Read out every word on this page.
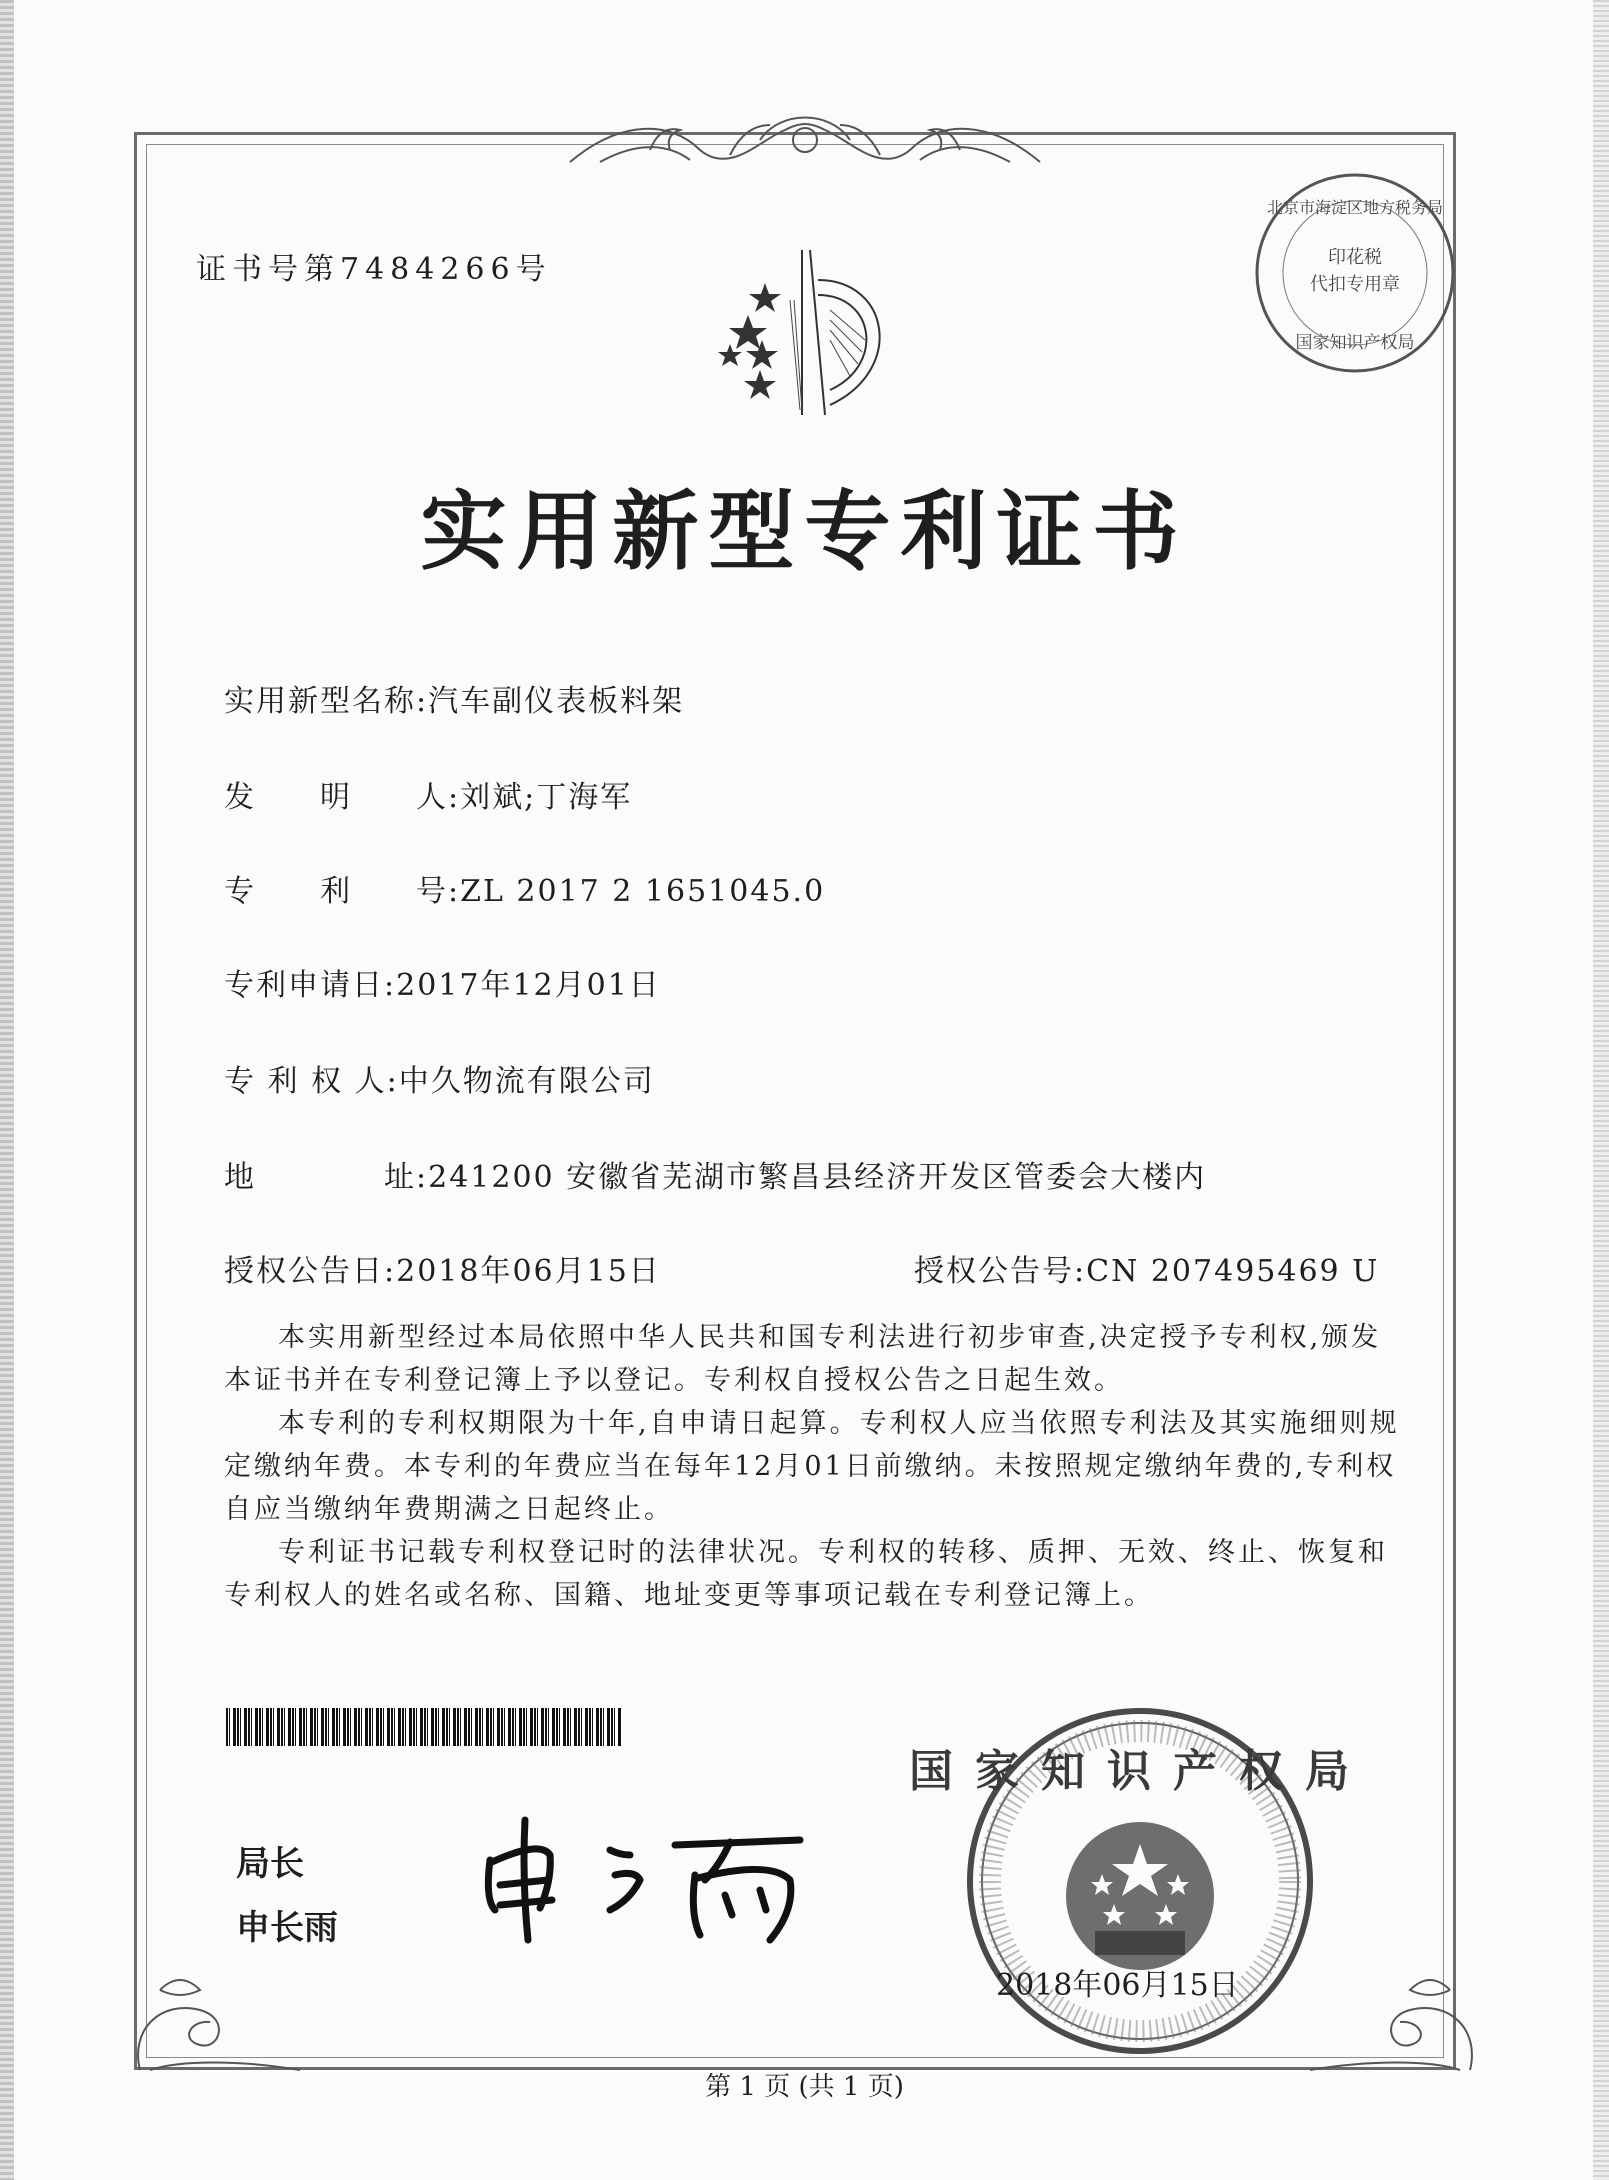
证书号第7484266号
北京市海淀区地方税务局
印花税
代扣专用章
国家知识产权局
实用新型专利证书
实用新型名称:汽车副仪表板料架
发　　明　　人:刘斌;丁海军
专　　利　　号:ZL 2017 2 1651045.0
专利申请日:2017年12月01日
专 利 权 人:中久物流有限公司
地　　　　址:241200 安徽省芜湖市繁昌县经济开发区管委会大楼内
授权公告日:2018年06月15日	授权公告号:CN 207495469 U

本实用新型经过本局依照中华人民共和国专利法进行初步审查,决定授予专利权,颁发本证书并在专利登记簿上予以登记。专利权自授权公告之日起生效。

本专利的专利权期限为十年,自申请日起算。专利权人应当依照专利法及其实施细则规定缴纳年费。本专利的年费应当在每年12月01日前缴纳。未按照规定缴纳年费的,专利权自应当缴纳年费期满之日起终止。

专利证书记载专利权登记时的法律状况。专利权的转移、质押、无效、终止、恢复和专利权人的姓名或名称、国籍、地址变更等事项记载在专利登记簿上。

局长
申长雨
国家知识产权局
2018年06月15日
第 1 页 (共 1 页)
